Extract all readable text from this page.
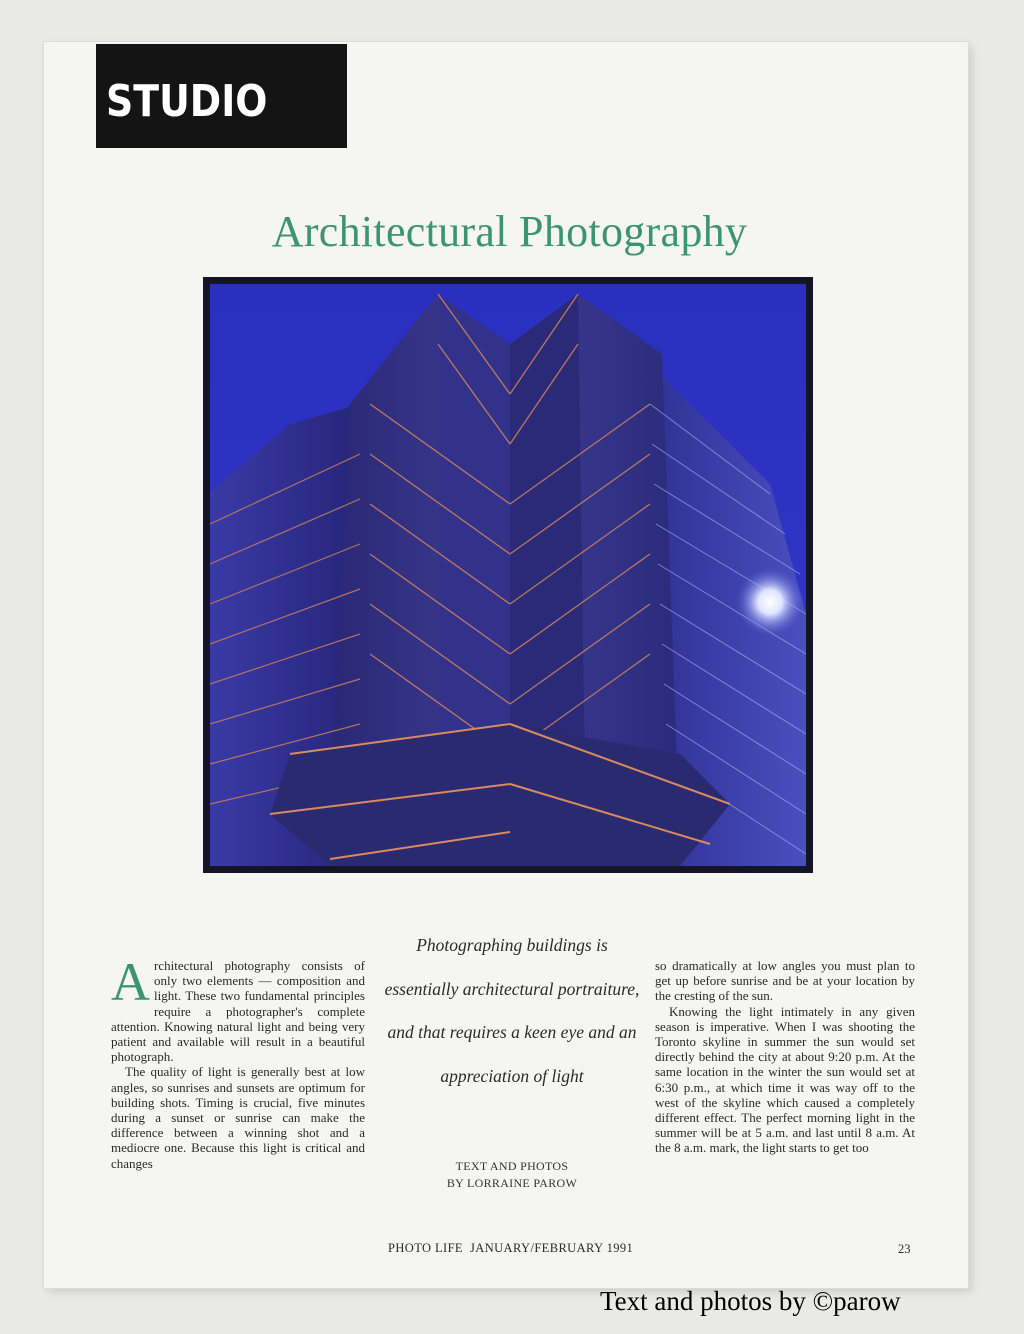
STUDIO
Architectural Photography

Architectural photography consists of only two elements — composition and light. These two fundamental principles require a photographer's complete attention. Knowing natural light and being very patient and available will result in a beautiful photograph.

The quality of light is generally best at low angles, so sunrises and sunsets are optimum for building shots. Timing is crucial, five minutes during a sunset or sunrise can make the difference between a winning shot and a mediocre one. Because this light is critical and changes

Photographing buildings is essentially architectural portraiture, and that requires a keen eye and an appreciation of light
TEXT AND PHOTOS
BY LORRAINE PAROW

so dramatically at low angles you must plan to get up before sunrise and be at your location by the cresting of the sun.

Knowing the light intimately in any given season is imperative. When I was shooting the Toronto skyline in summer the sun would set directly behind the city at about 9:20 p.m. At the same location in the winter the sun would set at 6:30 p.m., at which time it was way off to the west of the skyline which caused a completely different effect. The perfect morning light in the summer will be at 5 a.m. and last until 8 a.m. At the 8 a.m. mark, the light starts to get too

PHOTO LIFE  JANUARY/FEBRUARY 1991	23
Text and photos by ©parow
